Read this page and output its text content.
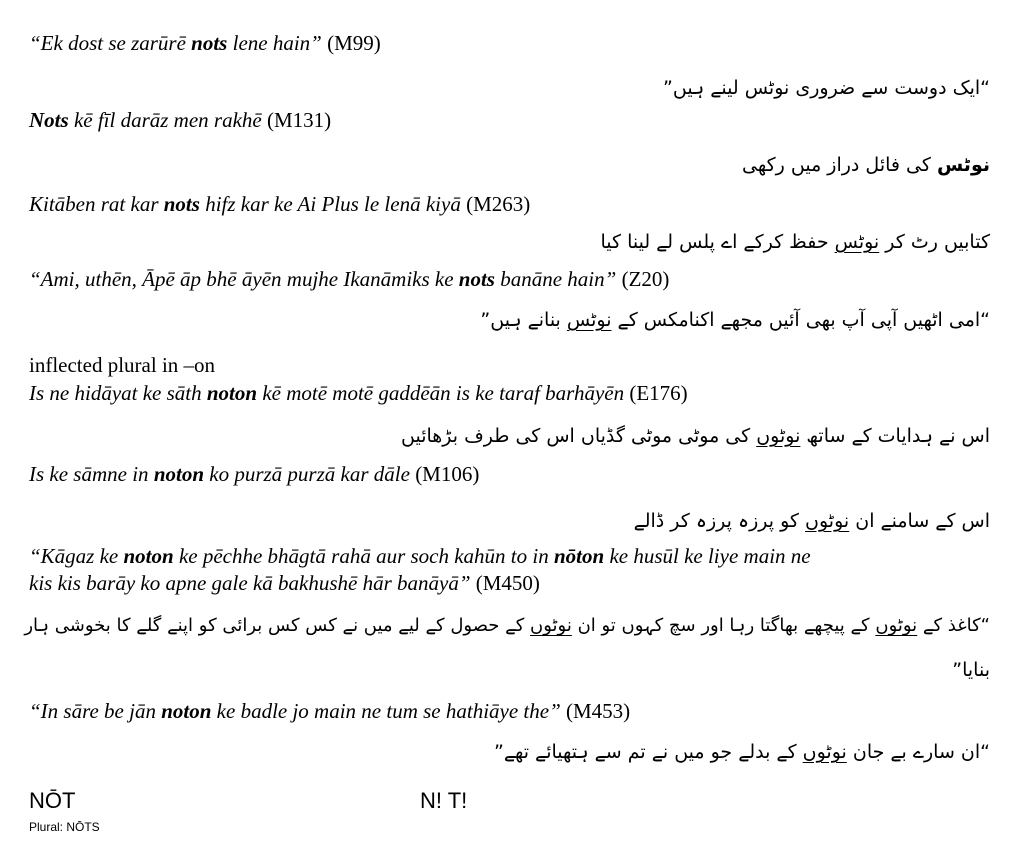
“Ek dost se zarūrē nots lene hain” (M99)
“ایک دوست سے ضروری نوٹس لینے ہیں”
Nots kē fīl darāz men rakhē (M131)
نوٹس کی فائل دراز میں رکھی
Kitāben rat kar nots hifz kar ke Ai Plus le lenā kiyā (M263)
کتابیں رٹ کر نوٹس حفظ کرکے اے پلس لے لینا کیا
“Ami, uthēn, Āpē āp bhē āyēn mujhe Ikanāmiks ke nots banāne hain” (Z20)
“امی اٹھیں آپی آپ بھی آئیں مجھے اکنامکس کے نوٹس بنانے ہیں”
inflected plural in –on
Is ne hidāyat ke sāth noton kē motē motē gaddēān is ke taraf barhāyēn (E176)
اس نے ہدایات کے ساتھ نوٹوں کی موٹی موٹی گڈیاں اس کی طرف بڑھائیں
Is ke sāmne in noton ko purzā purzā kar dāle (M106)
اس کے سامنے ان نوٹوں کو پرزہ پرزہ کر ڈالے
“Kāgaz ke noton ke pēchhe bhāgtā rahā aur soch kahūn to in nōton ke husūl ke liye main ne
kis kis barāy ko apne gale kā bakhushē hār banāyā” (M450)
“کاغذ کے نوٹوں کے پیچھے بھاگتا رہا اور سچ کہوں تو ان نوٹوں کے حصول کے لیے میں نے کس کس برائی کو اپنے گلے کا بخوشی ہار
بنایا”
“In sāre be jān noton ke badle jo main ne tum se hathiāye the” (M453)
“ان سارے بے جان نوٹوں کے بدلے جو میں نے تم سے ہتھیائے تھے”
NŌT	N! T!
Plural: NŌTS
